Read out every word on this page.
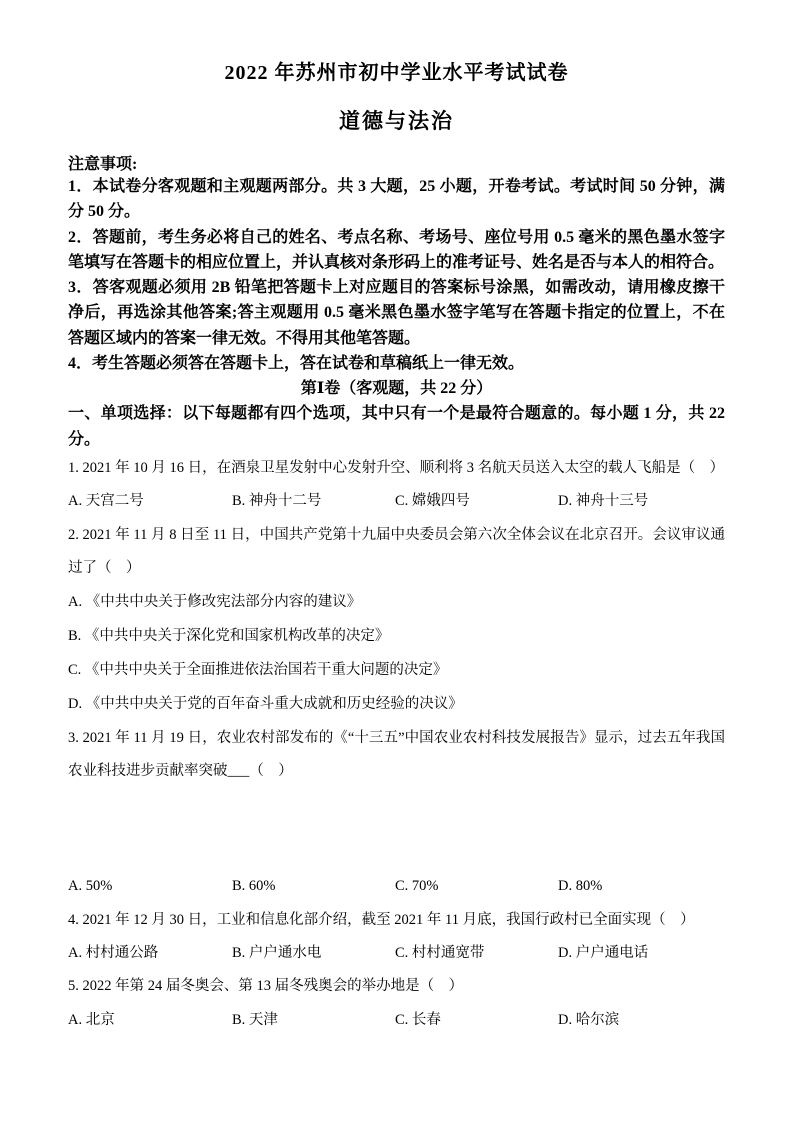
2022 年苏州市初中学业水平考试试卷
道德与法治
注意事项:

1．本试卷分客观题和主观题两部分。共 3 大题，25 小题，开卷考试。考试时间 50 分钟，满分 50 分。

2．答题前，考生务必将自己的姓名、考点名称、考场号、座位号用 0.5 毫米的黑色墨水签字笔填写在答题卡的相应位置上，并认真核对条形码上的准考证号、姓名是否与本人的相符合。

3．答客观题必须用 2B 铅笔把答题卡上对应题目的答案标号涂黑，如需改动，请用橡皮擦干净后，再选涂其他答案;答主观题用 0.5 毫米黑色墨水签字笔写在答题卡指定的位置上，不在答题区域内的答案一律无效。不得用其他笔答题。

4．考生答题必须答在答题卡上，答在试卷和草稿纸上一律无效。

第Ⅰ卷（客观题，共 22 分）

一、单项选择：以下每题都有四个选项，其中只有一个是最符合题意的。每小题 1 分，共 22 分。

1. 2021 年 10 月 16 日，在酒泉卫星发射中心发射升空、顺利将 3 名航天员送入太空的载人飞船是（　）

A. 天宫二号	B. 神舟十二号	C. 嫦娥四号	D. 神舟十三号

2. 2021 年 11 月 8 日至 11 日，中国共产党第十九届中央委员会第六次全体会议在北京召开。会议审议通过了（　）

A. 《中共中央关于修改宪法部分内容的建议》
B. 《中共中央关于深化党和国家机构改革的决定》
C. 《中共中央关于全面推进依法治国若干重大问题的决定》
D. 《中共中央关于党的百年奋斗重大成就和历史经验的决议》

3. 2021 年 11 月 19 日，农业农村部发布的《“十三五”中国农业农村科技发展报告》显示，过去五年我国农业科技进步贡献率突破___（　）

A. 50%	B. 60%	C. 70%	D. 80%

4. 2021 年 12 月 30 日，工业和信息化部介绍，截至 2021 年 11 月底，我国行政村已全面实现（　）

A. 村村通公路	B. 户户通水电	C. 村村通宽带	D. 户户通电话

5. 2022 年第 24 届冬奥会、第 13 届冬残奥会的举办地是（　）

A. 北京	B. 天津	C. 长春	D. 哈尔滨
